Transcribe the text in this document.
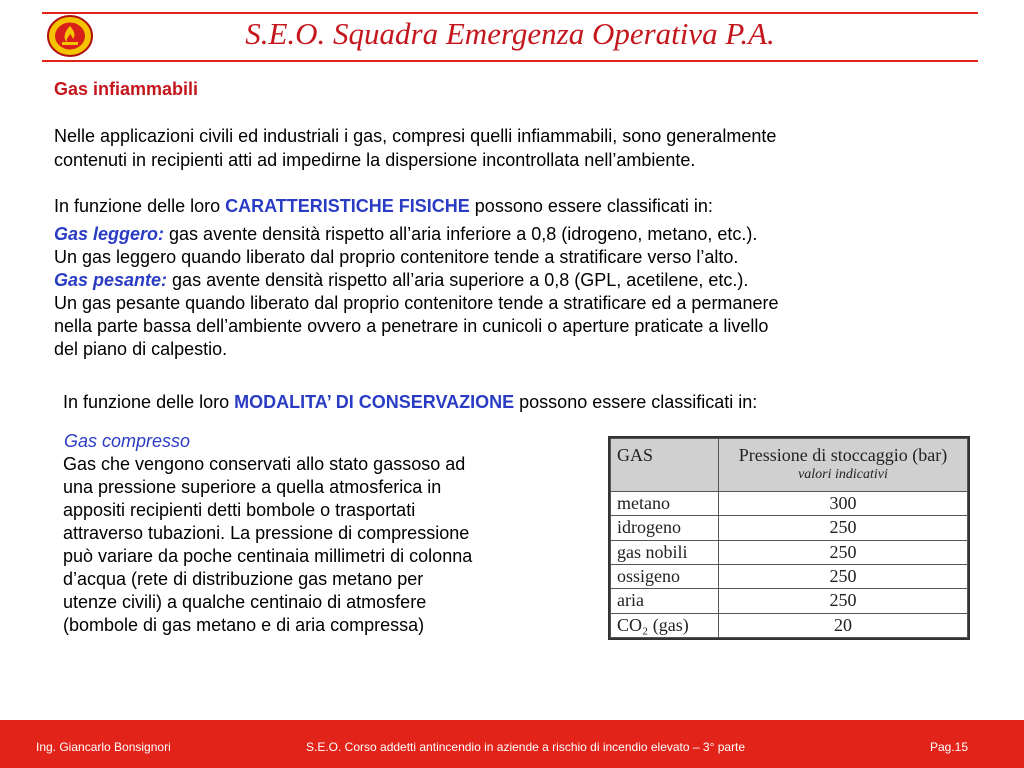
S.E.O. Squadra Emergenza Operativa P.A.
Gas infiammabili
Nelle applicazioni civili ed industriali i gas, compresi quelli infiammabili, sono generalmente
contenuti in recipienti atti ad impedirne la dispersione incontrollata nell’ambiente.
In funzione delle loro CARATTERISTICHE FISICHE possono essere classificati in:
Gas leggero: gas avente densità rispetto all’aria inferiore a 0,8 (idrogeno, metano, etc.).
Un gas leggero quando liberato dal proprio contenitore tende a stratificare verso l’alto.
Gas pesante: gas avente densità rispetto all’aria superiore a 0,8 (GPL, acetilene, etc.).
Un gas pesante quando liberato dal proprio contenitore tende a stratificare ed a permanere
nella parte bassa dell’ambiente ovvero a penetrare in cunicoli o aperture praticate a livello
del piano di calpestio.
In funzione delle loro MODALITA’ DI CONSERVAZIONE possono essere classificati in:
Gas compresso
Gas che vengono conservati allo stato gassoso ad
una pressione superiore a quella atmosferica in
appositi recipienti detti bombole o trasportati
attraverso tubazioni. La pressione di compressione
può variare da poche centinaia millimetri di colonna
d’acqua (rete di distribuzione gas metano per
utenze civili) a qualche centinaio di atmosfere
(bombole di gas metano e di aria compressa)
GAS	Pressione di stoccaggio (bar)
valori indicativi

metano	300
idrogeno	250
gas nobili	250
ossigeno	250
aria	250
CO₂ (gas)	20
Ing. Giancarlo Bonsignori	S.E.O. Corso addetti antincendio in aziende a rischio di incendio elevato – 3° parte	Pag.15
